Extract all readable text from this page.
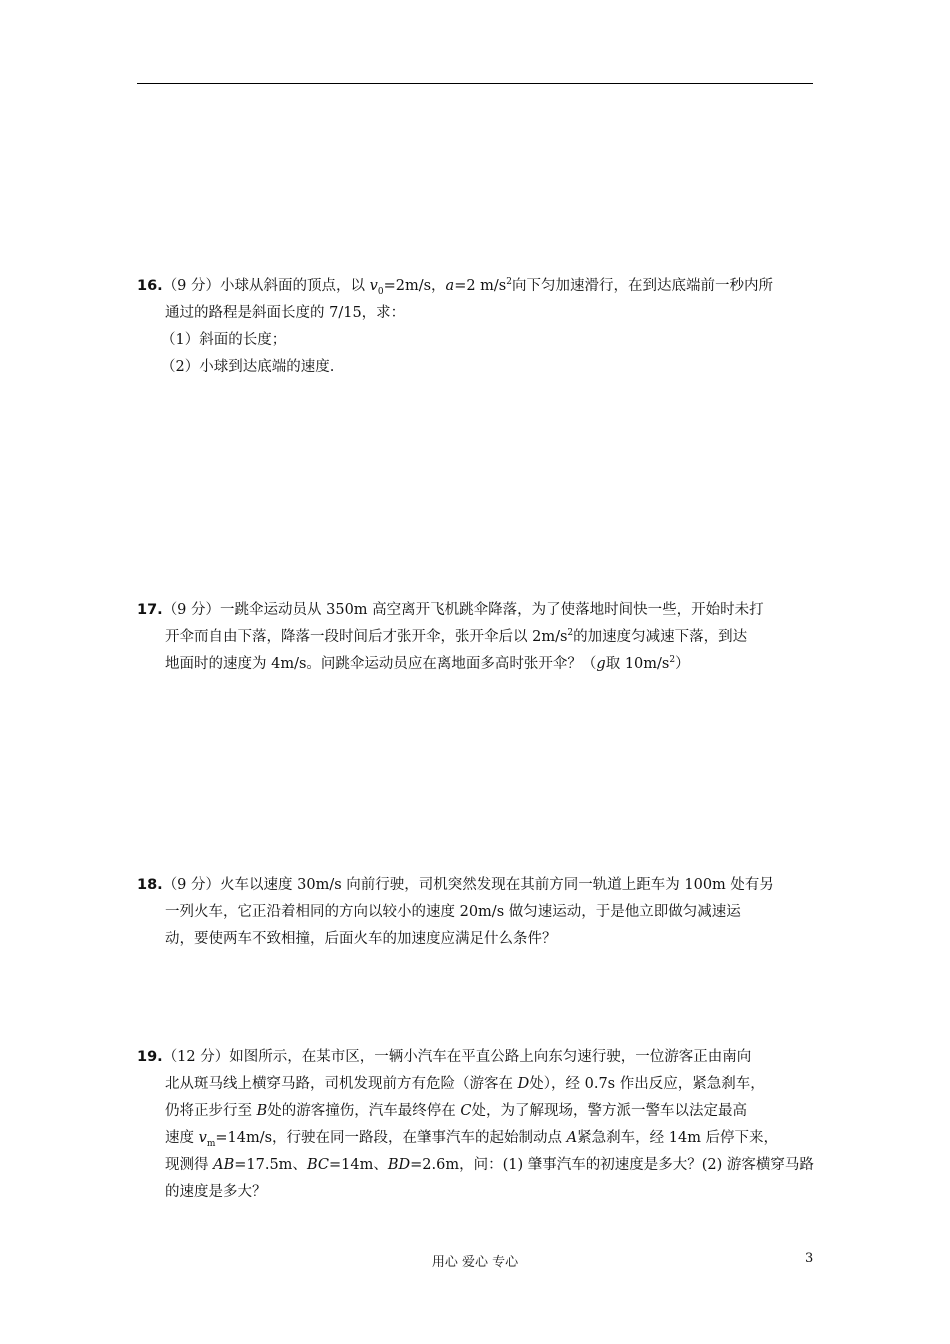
16.（9 分）小球从斜面的顶点，以 $v_0=2m/s$，a=2 $m/s^2$向下匀加速滑行，在到达底端前一秒内所
通过的路程是斜面长度的 7/15，求：
（1）斜面的长度；
（2）小球到达底端的速度.
17.（9 分）一跳伞运动员从 350m 高空离开飞机跳伞降落，为了使落地时间快一些，开始时未打
开伞而自由下落，降落一段时间后才张开伞，张开伞后以 $2m/s^2$的加速度匀减速下落，到达
地面时的速度为 4m/s。问跳伞运动员应在离地面多高时张开伞？（g取 $10m/s^2$）
18.（9 分）火车以速度 30m/s 向前行驶，司机突然发现在其前方同一轨道上距车为 100m 处有另
一列火车，它正沿着相同的方向以较小的速度 20m/s 做匀速运动，于是他立即做匀减速运
动，要使两车不致相撞，后面火车的加速度应满足什么条件？
19.（12 分）如图所示，在某市区，一辆小汽车在平直公路上向东匀速行驶，一位游客正由南向
北从斑马线上横穿马路，司机发现前方有危险（游客在 D处），经 0.7s 作出反应，紧急刹车，
仍将正步行至 B处的游客撞伤，汽车最终停在 C处，为了解现场，警方派一警车以法定最高
速度 $v_m=14m/s$，行驶在同一路段，在肇事汽车的起始制动点 A紧急刹车，经 14m 后停下来，
现测得 AB=17.5m、BC=14m、BD=2.6m，问：(1) 肇事汽车的初速度是多大？(2) 游客横穿马路
的速度是多大？
用心 爱心 专心	3
